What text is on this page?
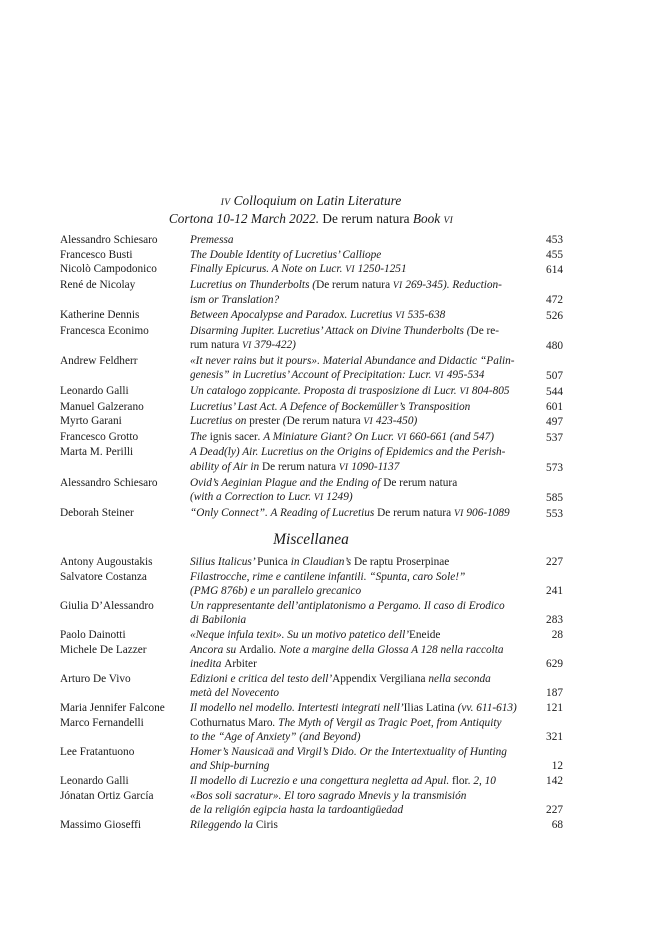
IV Colloquium on Latin Literature
Cortona 10-12 March 2022. De rerum natura Book VI
Alessandro Schiesaro	Premessa	453
Francesco Busti	The Double Identity of Lucretius’ Calliope	455
Nicolò Campodonico	Finally Epicurus. A Note on Lucr. VI 1250-1251	614
René de Nicolay	Lucretius on Thunderbolts (De rerum natura VI 269-345). Reduction-
ism or Translation?	472
Katherine Dennis	Between Apocalypse and Paradox. Lucretius VI 535-638	526
Francesca Econimo	Disarming Jupiter. Lucretius’ Attack on Divine Thunderbolts (De re-
rum natura VI 379-422)	480
Andrew Feldherr	«It never rains but it pours». Material Abundance and Didactic “Palin-
genesis” in Lucretius’ Account of Precipitation: Lucr. VI 495-534	507
Leonardo Galli	Un catalogo zoppicante. Proposta di trasposizione di Lucr. VI 804-805	544
Manuel Galzerano	Lucretius’ Last Act. A Defence of Bockemüller’s Transposition	601
Myrto Garani	Lucretius on prester (De rerum natura VI 423-450)	497
Francesco Grotto	The ignis sacer. A Miniature Giant? On Lucr. VI 660-661 (and 547)	537
Marta M. Perilli	A Dead(ly) Air. Lucretius on the Origins of Epidemics and the Perish-
ability of Air in De rerum natura VI 1090-1137	573
Alessandro Schiesaro	Ovid’s Aeginian Plague and the Ending of De rerum natura
(with a Correction to Lucr. VI 1249)	585
Deborah Steiner	“Only Connect”. A Reading of Lucretius De rerum natura VI 906-1089	553
Miscellanea
Antony Augoustakis	Silius Italicus’ Punica in Claudian’s De raptu Proserpinae	227
Salvatore Costanza	Filastrocche, rime e cantilene infantili. “Spunta, caro Sole!”
(PMG 876b) e un parallelo grecanico	241
Giulia D’Alessandro	Un rappresentante dell’antiplatonismo a Pergamo. Il caso di Erodico
di Babilonia	283
Paolo Dainotti	«Neque infula texit». Su un motivo patetico dell’Eneide	28
Michele De Lazzer	Ancora su Ardalio. Note a margine della Glossa A 128 nella raccolta
inedita Arbiter	629
Arturo De Vivo	Edizioni e critica del testo dell’Appendix Vergiliana nella seconda
metà del Novecento	187
Maria Jennifer Falcone	Il modello nel modello. Intertesti integrati nell’Ilias Latina (vv. 611-613)	121
Marco Fernandelli	Cothurnatus Maro. The Myth of Vergil as Tragic Poet, from Antiquity
to the “Age of Anxiety” (and Beyond)	321
Lee Fratantuono	Homer’s Nausicaä and Virgil’s Dido. Or the Intertextuality of Hunting
and Ship-burning	12
Leonardo Galli	Il modello di Lucrezio e una congettura negletta ad Apul. flor. 2, 10	142
Jónatan Ortiz García	«Bos soli sacratur». El toro sagrado Mnevis y la transmisión
de la religión egipcia hasta la tardoantigüedad	227
Massimo Gioseffi	Rileggendo la Ciris	68
